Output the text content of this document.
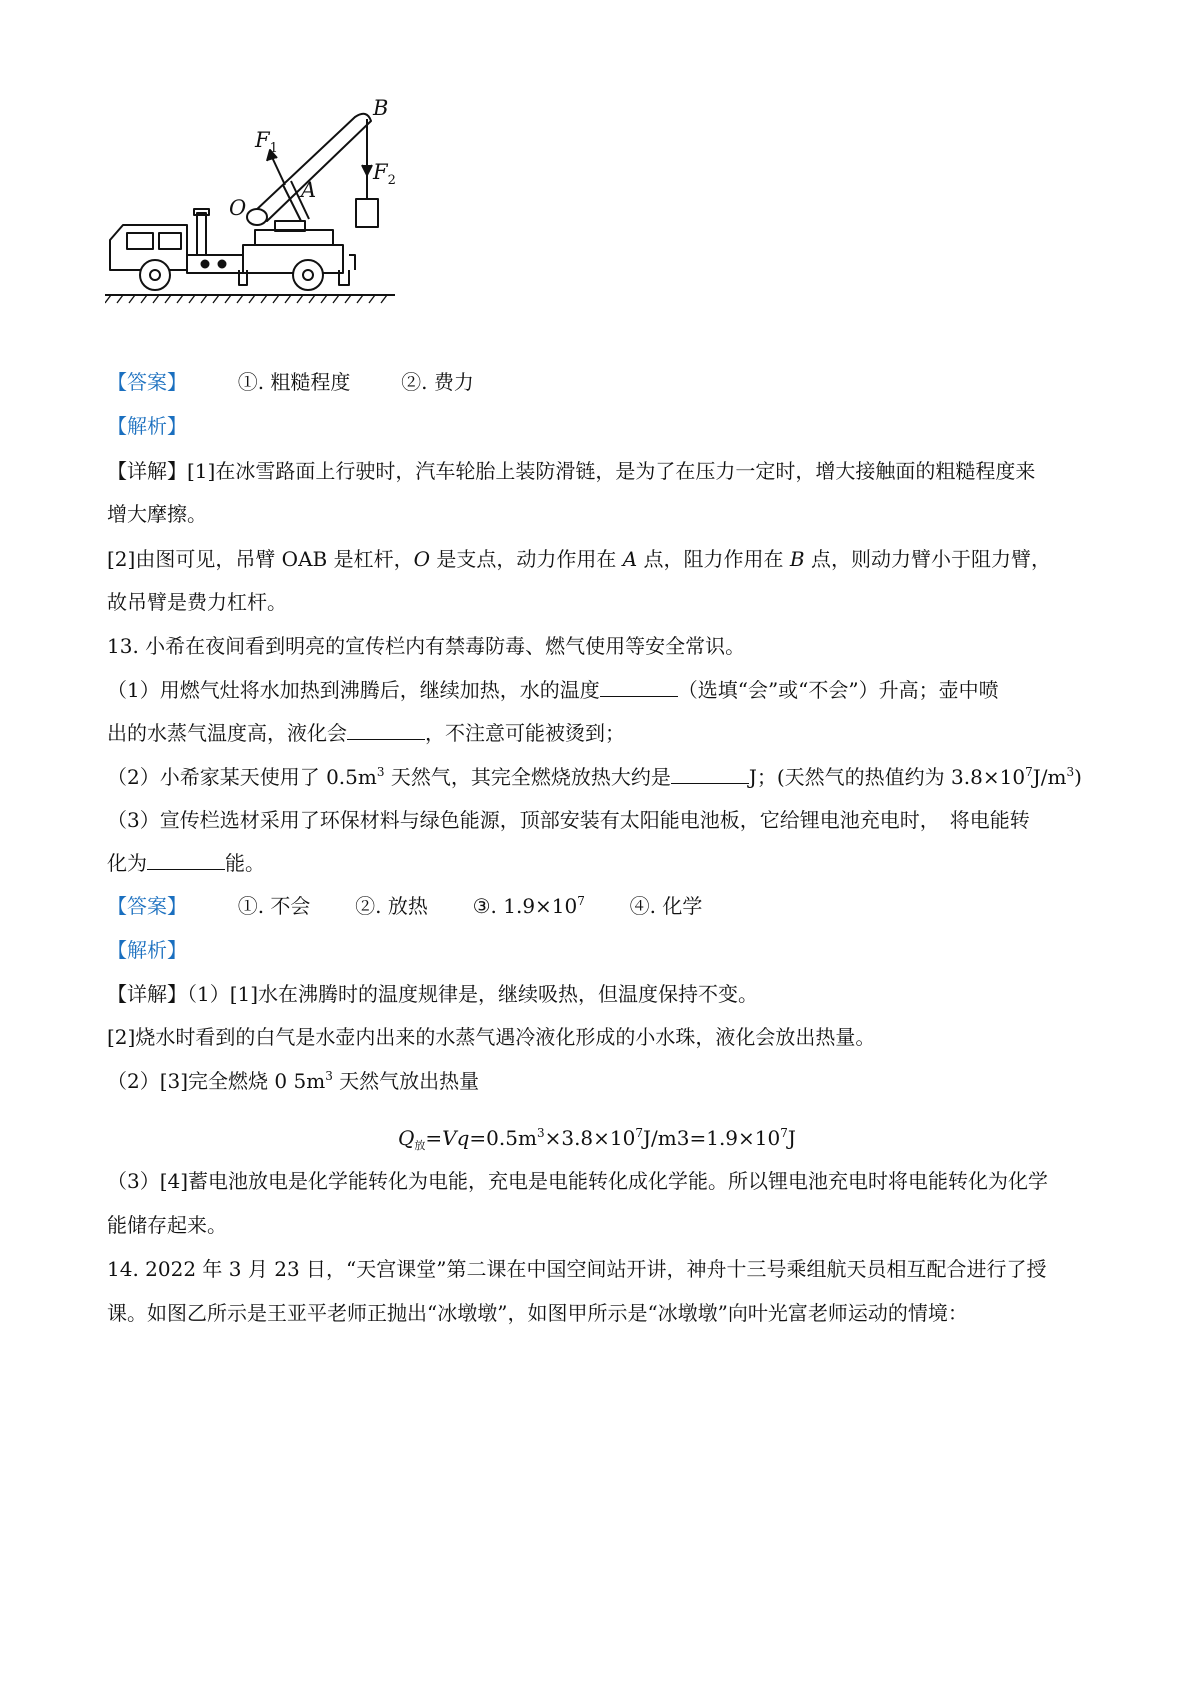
B
$F_1$
$F_2$
O
A
【答案】	①. 粗糙程度	②. 费力
【解析】
【详解】[1]在冰雪路面上行驶时，汽车轮胎上装防滑链，是为了在压力一定时，增大接触面的粗糙程度来
增大摩擦。
[2]由图可见，吊臂 OAB 是杠杆，O 是支点，动力作用在 A 点，阻力作用在 B 点，则动力臂小于阻力臂，
故吊臂是费力杠杆。
13. 小希在夜间看到明亮的宣传栏内有禁毒防毒、燃气使用等安全常识。
（1）用燃气灶将水加热到沸腾后，继续加热，水的温度	（选填“会”或“不会”）升高；壶中喷
出的水蒸气温度高，液化会	，不注意可能被烫到；
（2）小希家某天使用了 $0.5m^3$ 天然气，其完全燃烧放热大约是	J；(天然气的热值约为 $3.8\times 10^7J/m^3$)
（3）宣传栏选材采用了环保材料与绿色能源，顶部安装有太阳能电池板，它给锂电池充电时，　将电能转
化为	能。
【答案】	①. 不会 ②. 放热 ③. $1.9\times 10^7$ ④. 化学
【解析】
【详解】（1）[1]水在沸腾时的温度规律是，继续吸热，但温度保持不变。
[2]烧水时看到的白气是水壶内出来的水蒸气遇冷液化形成的小水珠，液化会放出热量。
（2）[3]完全燃烧 0 $5m^3$ 天然气放出热量
$Q_放=Vq=0.5m^3\times 3.8\times 10^7J/m3=1.9\times 10^7J$
（3）[4]蓄电池放电是化学能转化为电能，充电是电能转化成化学能。所以锂电池充电时将电能转化为化学
能储存起来。
14. 2022 年 3 月 23 日，“天宫课堂”第二课在中国空间站开讲，神舟十三号乘组航天员相互配合进行了授
课。如图乙所示是王亚平老师正抛出“冰墩墩”，如图甲所示是“冰墩墩”向叶光富老师运动的情境：
